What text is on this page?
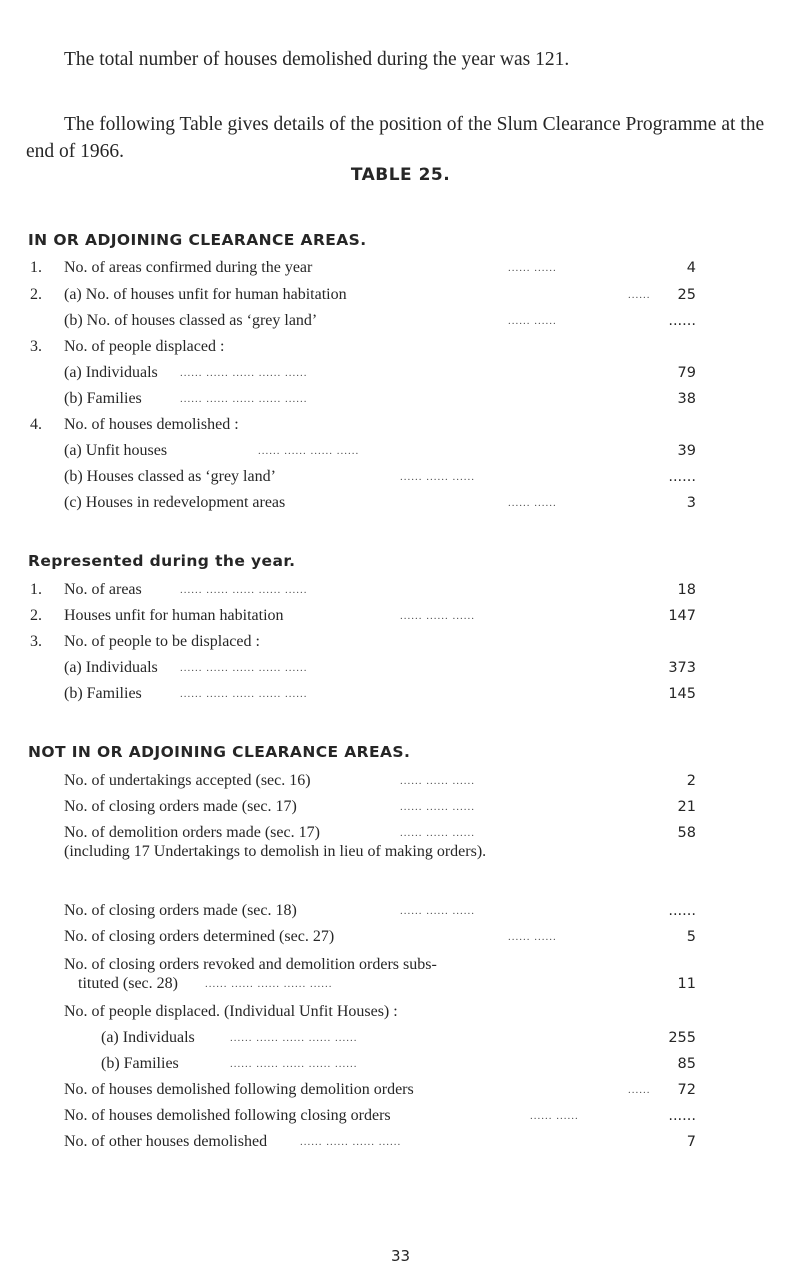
The total number of houses demolished during the year was 121.
The following Table gives details of the position of the Slum Clearance Programme at the end of 1966.
TABLE 25.
IN OR ADJOINING CLEARANCE AREAS.
1. No. of areas confirmed during the year	...... ......	4
2. (a) No. of houses unfit for human habitation	......	25
(b) No. of houses classed as ‘grey land’	...... ......	......
3. No. of people displaced :
(a) Individuals ...... ...... ...... ...... ......	79
(b) Families	...... ...... ...... ...... ......	38
4. No. of houses demolished :
(a) Unfit houses	...... ...... ...... ......	39
(b) Houses classed as ‘grey land’	...... ...... ......	......
(c) Houses in redevelopment areas	...... ......	3
Represented during the year.
1. No. of areas	...... ...... ...... ...... ......	18
2. Houses unfit for human habitation	...... ...... ......	147
3. No. of people to be displaced :
(a) Individuals ...... ...... ...... ...... ......	373
(b) Families	...... ...... ...... ...... ......	145
NOT IN OR ADJOINING CLEARANCE AREAS.
No. of undertakings accepted (sec. 16)	...... ...... ......	2
No. of closing orders made (sec. 17)	...... ...... ......	21
No. of demolition orders made (sec. 17)	...... ...... ......	58
(including 17 Undertakings to demolish in lieu of making orders).
No. of closing orders made (sec. 18)	...... ...... ......	......
No. of closing orders determined (sec. 27)	...... ......	5
No. of closing orders revoked and demolition orders subs-
tituted (sec. 28) ...... ...... ...... ...... ......	11
No. of people displaced. (Individual Unfit Houses) :
(a) Individuals	...... ...... ...... ...... ......	255
(b) Families	...... ...... ...... ...... ......	85
No. of houses demolished following demolition orders	......	72
No. of houses demolished following closing orders	...... ......	......
No. of other houses demolished	...... ...... ...... ......	7
33
